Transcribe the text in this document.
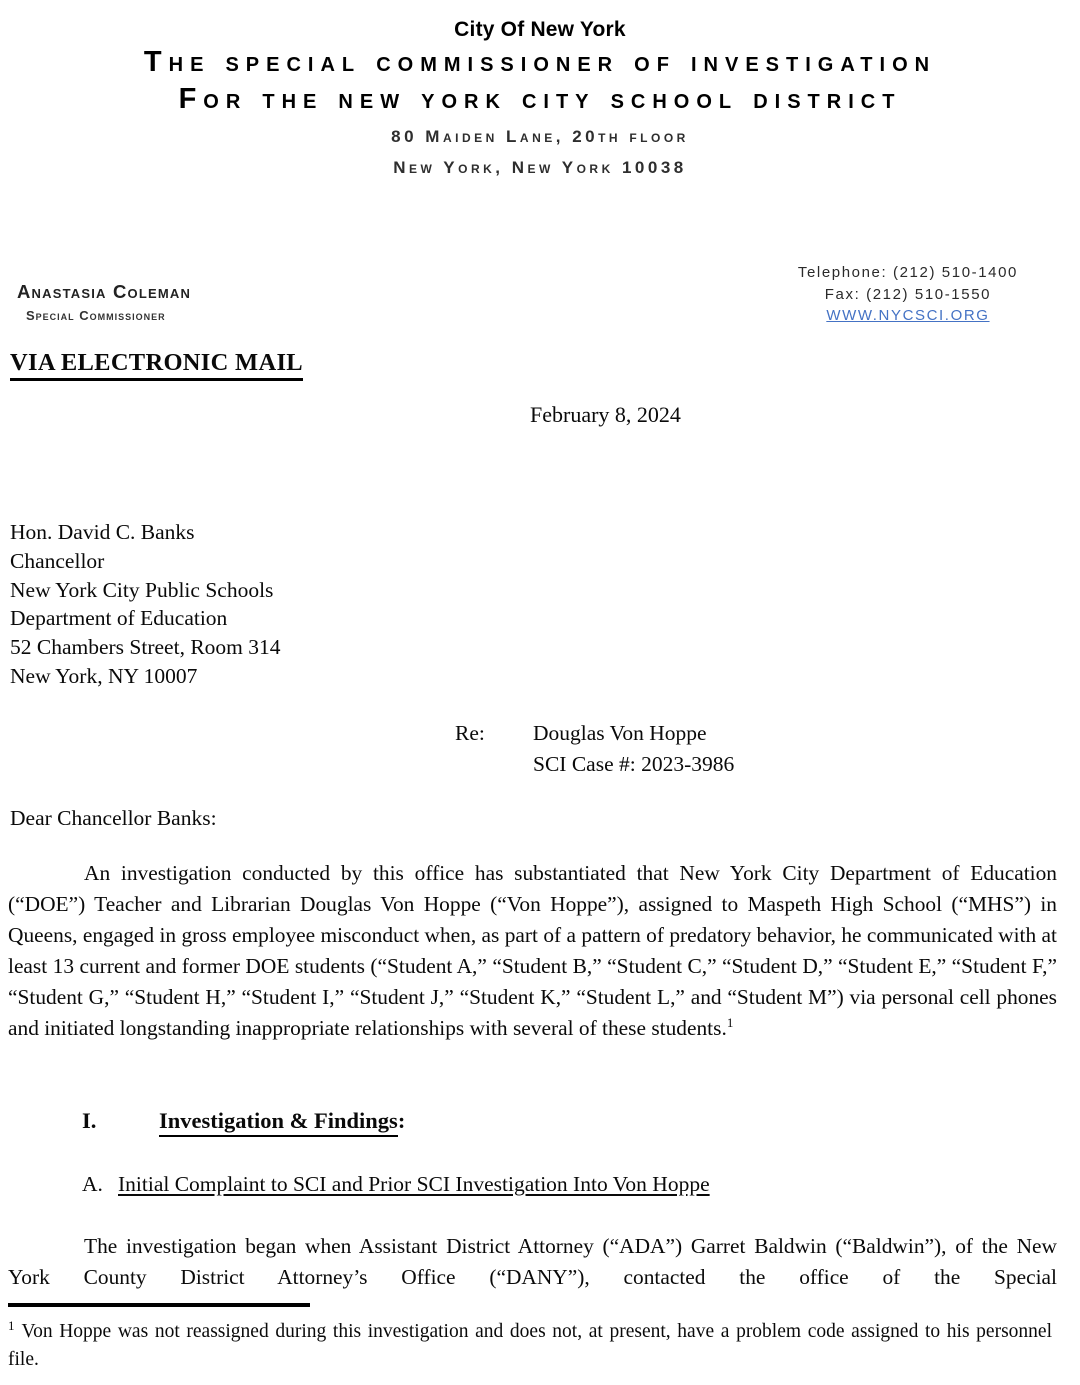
City Of New York
The special commissioner of investigation
For the new york city school district
80 Maiden Lane, 20th floor
New York, New York 10038
Anastasia Coleman
Special Commissioner
Telephone: (212) 510-1400
Fax: (212) 510-1550
WWW.NYCSCI.ORG
VIA ELECTRONIC MAIL
February 8, 2024
Hon. David C. Banks
Chancellor
New York City Public Schools
Department of Education
52 Chambers Street, Room 314
New York, NY 10007
Re:	Douglas Von Hoppe
SCI Case #: 2023-3986
Dear Chancellor Banks:

An investigation conducted by this office has substantiated that New York City Department of Education (“DOE”) Teacher and Librarian Douglas Von Hoppe (“Von Hoppe”), assigned to Maspeth High School (“MHS”) in Queens, engaged in gross employee misconduct when, as part of a pattern of predatory behavior, he communicated with at least 13 current and former DOE students (“Student A,” “Student B,” “Student C,” “Student D,” “Student E,” “Student F,” “Student G,” “Student H,” “Student I,” “Student J,” “Student K,” “Student L,” and “Student M”) via personal cell phones and initiated longstanding inappropriate relationships with several of these students.$^1$

I.	Investigation & Findings :
A. Initial Complaint to SCI and Prior SCI Investigation Into Von Hoppe

The investigation began when Assistant District Attorney (“ADA”) Garret Baldwin (“Baldwin”), of the New York County District Attorney’s Office (“DANY”), contacted the office of the Special

$^1$ Von Hoppe was not reassigned during this investigation and does not, at present, have a problem code assigned to his personnel file.
